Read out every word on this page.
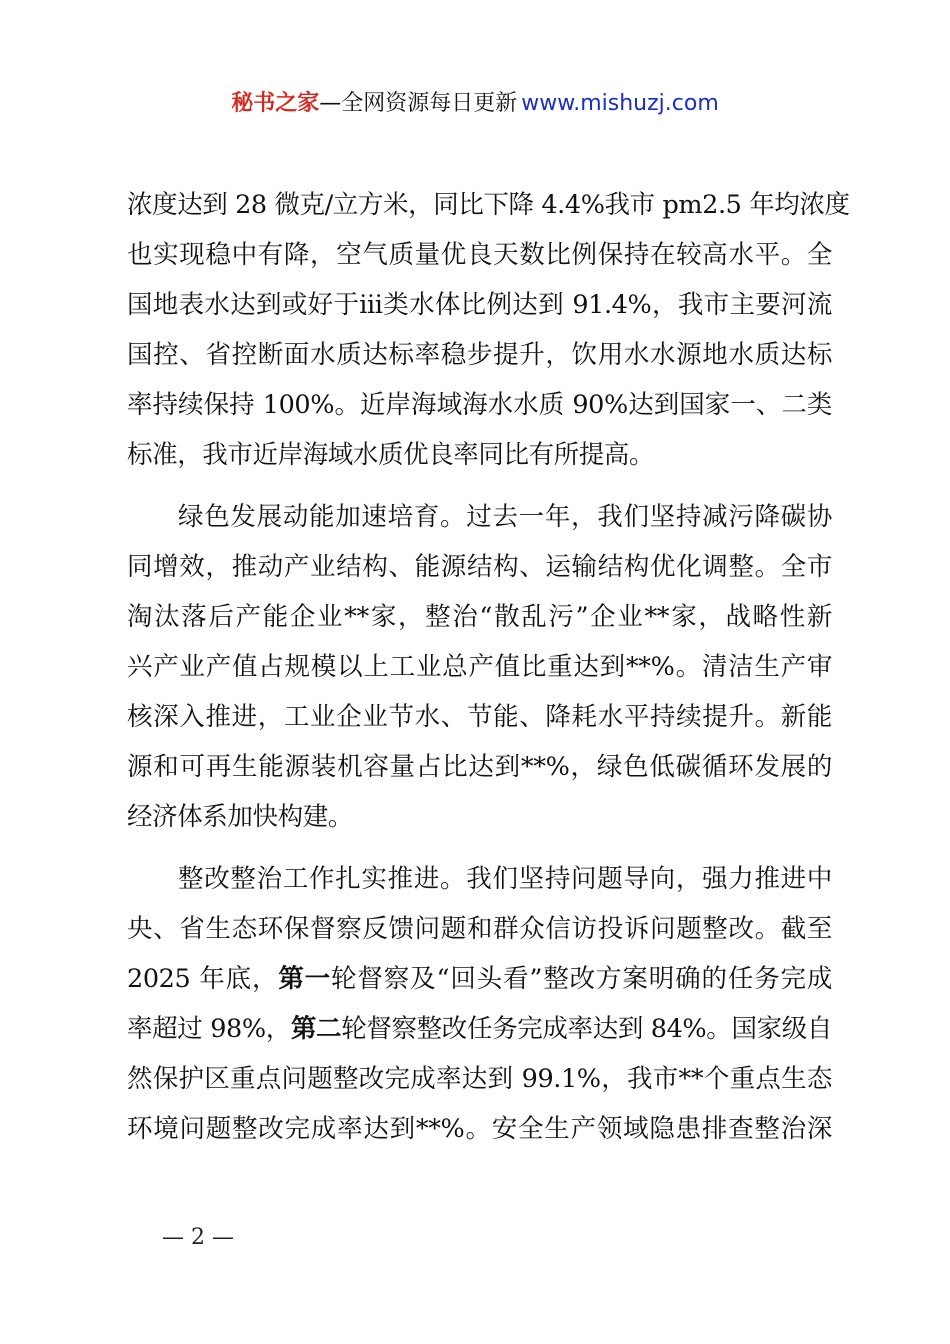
秘书之家—全网资源每日更新 www.mishuzj.com

浓度达到 28 微克/立方米，同比下降 4.4%我市 pm2.5 年均浓度
也实现稳中有降，空气质量优良天数比例保持在较高水平。全
国地表水达到或好于iii类水体比例达到 91.4%，我市主要河流
国控、省控断面水质达标率稳步提升，饮用水水源地水质达标
率持续保持 100%。近岸海域海水水质 90%达到国家一、二类
标准，我市近岸海域水质优良率同比有所提高。

绿色发展动能加速培育。过去一年，我们坚持减污降碳协
同增效，推动产业结构、能源结构、运输结构优化调整。全市
淘汰落后产能企业**家，整治“散乱污”企业**家，战略性新
兴产业产值占规模以上工业总产值比重达到**%。清洁生产审
核深入推进，工业企业节水、节能、降耗水平持续提升。新能
源和可再生能源装机容量占比达到**%，绿色低碳循环发展的
经济体系加快构建。

整改整治工作扎实推进。我们坚持问题导向，强力推进中
央、省生态环保督察反馈问题和群众信访投诉问题整改。截至
2025 年底，第一轮督察及“回头看”整改方案明确的任务完成
率超过 98%，第二轮督察整改任务完成率达到 84%。国家级自
然保护区重点问题整改完成率达到 99.1%，我市**个重点生态
环境问题整改完成率达到**%。安全生产领域隐患排查整治深

— 2 —
